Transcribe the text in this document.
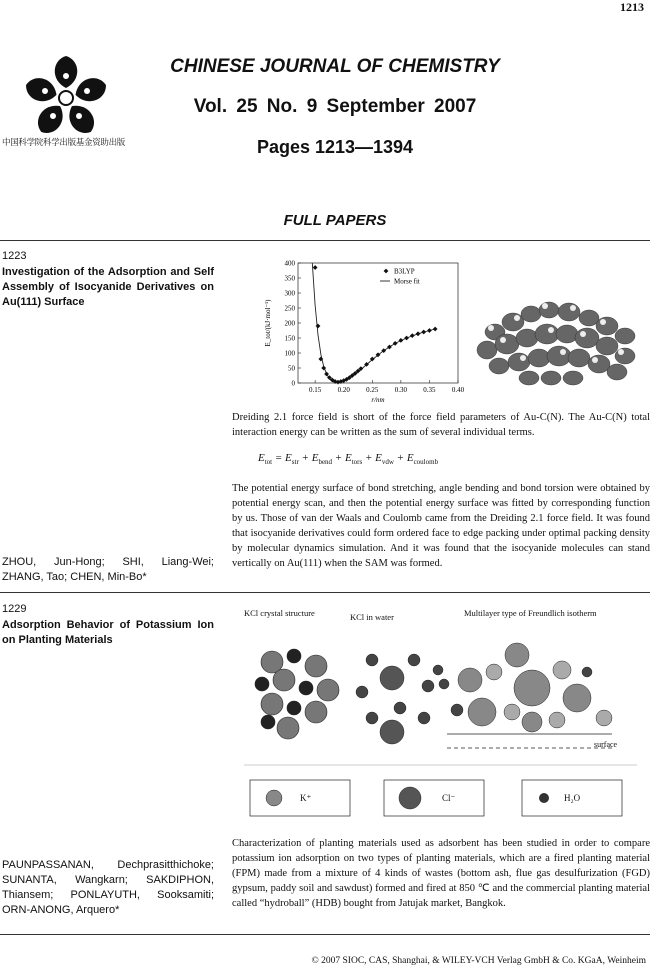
1213
中国科学院科学出版基金资助出版
CHINESE JOURNAL OF CHEMISTRY
Vol. 25 No. 9 September 2007
Pages 1213—1394
FULL PAPERS
1223
Investigation of the Adsorption and Self Assembly of Isocyanide Derivatives on Au(111) Surface
0
50
100
150
200
250
300
350
400
0.15 0.20 0.25 0.30 0.35 0.40
r/nm
E_tot/(kJ·mol⁻¹)
B3LYP
Morse fit
Dreiding 2.1 force field is short of the force field parameters of Au-C(N). The Au-C(N) total interaction energy can be written as the sum of several individual terms.
$E_{tot} = E_{str} + E_{bend} + E_{tors} + E_{vdw} + E_{coulomb}$
The potential energy surface of bond stretching, angle bending and bond torsion were obtained by potential energy scan, and then the potential energy surface was fitted by corresponding function by us. Those of van der Waals and Coulomb came from the Dreiding 2.1 force field. It was found that isocyanide derivatives could form ordered face to edge packing under optimal packing density by molecular dynamics simulation. And it was found that the isocyanide molecules can stand vertically on Au(111) when the SAM was formed.
ZHOU, Jun-Hong; SHI, Liang-Wei; ZHANG, Tao; CHEN, Min-Bo*
1229
Adsorption Behavior of Potassium Ion on Planting Materials
KCl crystal structure	KCl in water	Multilayer type of Freundlich isotherm
surface
K⁺	Cl⁻	H₂O
Characterization of planting materials used as adsorbent has been studied in order to compare potassium ion adsorption on two types of planting materials, which are a fired planting material (FPM) made from a mixture of 4 kinds of wastes (bottom ash, flue gas desulfurization (FGD) gypsum, paddy soil and sawdust) formed and fired at 850 ℃ and the commercial planting material called “hydroball” (HDB) bought from Jatujak market, Bangkok.
PAUNPASSANAN, Dechprasitthichoke; SUNANTA, Wangkarn; SAKDIPHON, Thiansem; PONLAYUTH, Sooksamiti; ORN-ANONG, Arquero*
© 2007 SIOC, CAS, Shanghai, & WILEY-VCH Verlag GmbH & Co. KGaA, Weinheim
